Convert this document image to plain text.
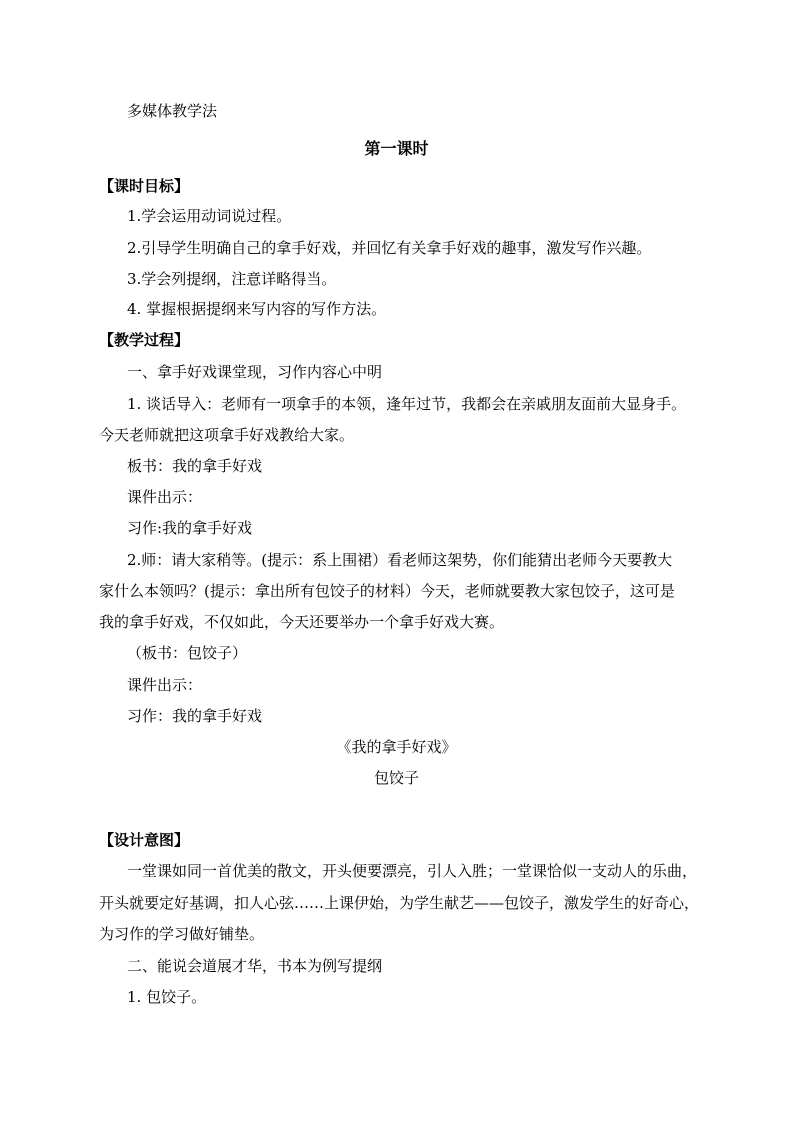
多媒体教学法

第一课时

【课时目标】

1.学会运用动词说过程。

2.引导学生明确自己的拿手好戏，并回忆有关拿手好戏的趣事，激发写作兴趣。

3.学会列提纲，注意详略得当。

4. 掌握根据提纲来写内容的写作方法。

【教学过程】

一、拿手好戏课堂现，习作内容心中明

1. 谈话导入：老师有一项拿手的本领，逢年过节，我都会在亲戚朋友面前大显身手。

今天老师就把这项拿手好戏教给大家。

板书：我的拿手好戏

课件出示：

习作:我的拿手好戏

2.师：请大家稍等。(提示：系上围裙）看老师这架势，你们能猜出老师今天要教大

家什么本领吗？(提示：拿出所有包饺子的材料）今天，老师就要教大家包饺子，这可是

我的拿手好戏，不仅如此，今天还要举办一个拿手好戏大赛。

（板书：包饺子）

课件出示：

习作：我的拿手好戏

《我的拿手好戏》

包饺子

【设计意图】

一堂课如同一首优美的散文，开头便要漂亮，引人入胜；一堂课恰似一支动人的乐曲，

开头就要定好基调，扣人心弦……上课伊始，为学生献艺——包饺子，激发学生的好奇心，

为习作的学习做好铺垫。

二、能说会道展才华，书本为例写提纲

1. 包饺子。
